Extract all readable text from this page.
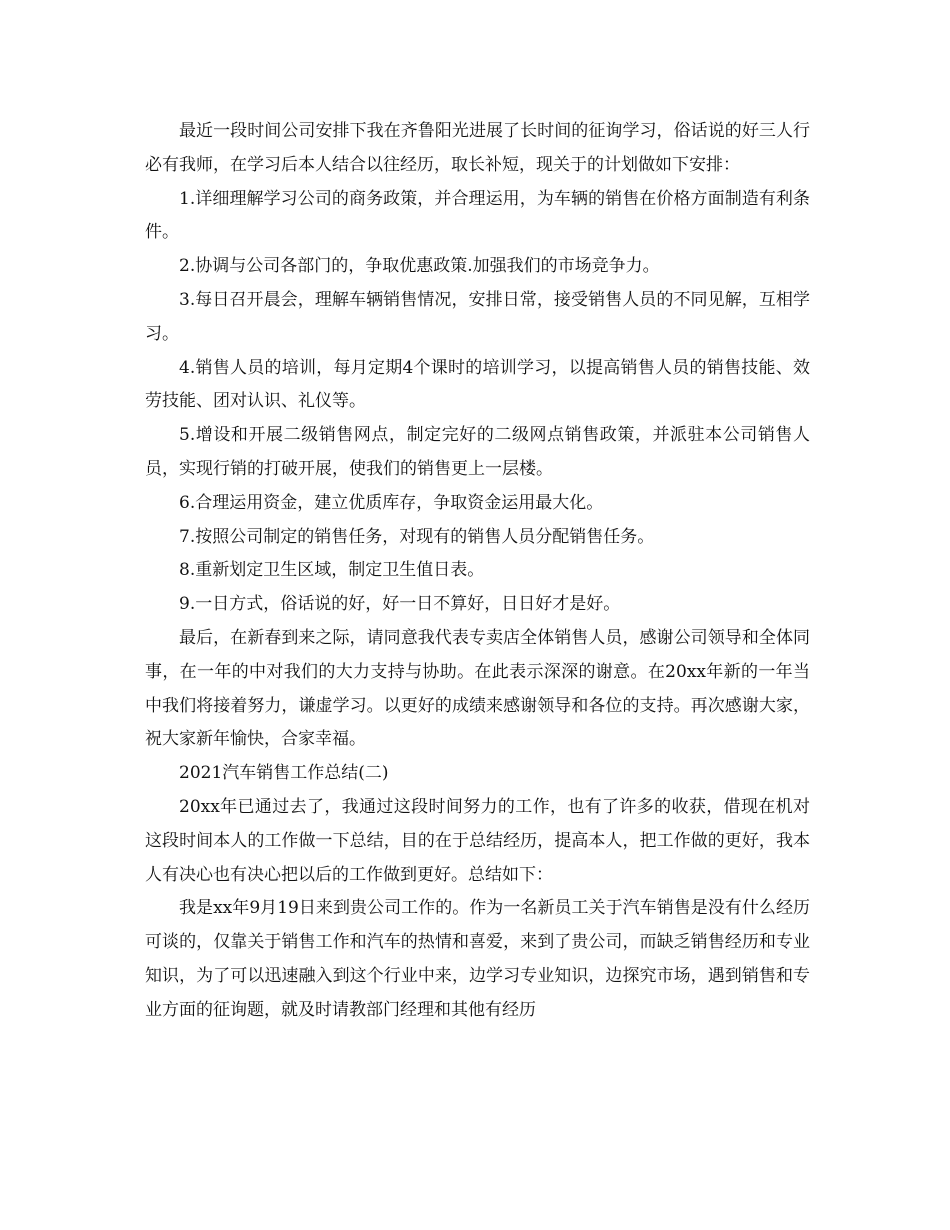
最近一段时间公司安排下我在齐鲁阳光进展了长时间的征询学习，俗话说的好三人行必有我师，在学习后本人结合以往经历，取长补短，现关于的计划做如下安排：

1.详细理解学习公司的商务政策，并合理运用，为车辆的销售在价格方面制造有利条件。

2.协调与公司各部门的，争取优惠政策.加强我们的市场竞争力。

3.每日召开晨会，理解车辆销售情况，安排日常，接受销售人员的不同见解，互相学习。

4.销售人员的培训，每月定期4个课时的培训学习，以提高销售人员的销售技能、效劳技能、团对认识、礼仪等。

5.增设和开展二级销售网点，制定完好的二级网点销售政策，并派驻本公司销售人员，实现行销的打破开展，使我们的销售更上一层楼。

6.合理运用资金，建立优质库存，争取资金运用最大化。

7.按照公司制定的销售任务，对现有的销售人员分配销售任务。

8.重新划定卫生区域，制定卫生值日表。

9.一日方式，俗话说的好，好一日不算好，日日好才是好。

最后，在新春到来之际，请同意我代表专卖店全体销售人员，感谢公司领导和全体同事，在一年的中对我们的大力支持与协助。在此表示深深的谢意。在20xx年新的一年当中我们将接着努力，谦虚学习。以更好的成绩来感谢领导和各位的支持。再次感谢大家，祝大家新年愉快，合家幸福。

2021汽车销售工作总结(二)

20xx年已通过去了，我通过这段时间努力的工作，也有了许多的收获，借现在机对这段时间本人的工作做一下总结，目的在于总结经历，提高本人，把工作做的更好，我本人有决心也有决心把以后的工作做到更好。总结如下：

我是xx年9月19日来到贵公司工作的。作为一名新员工关于汽车销售是没有什么经历可谈的，仅靠关于销售工作和汽车的热情和喜爱，来到了贵公司，而缺乏销售经历和专业知识，为了可以迅速融入到这个行业中来，边学习专业知识，边探究市场，遇到销售和专业方面的征询题，就及时请教部门经理和其他有经历
